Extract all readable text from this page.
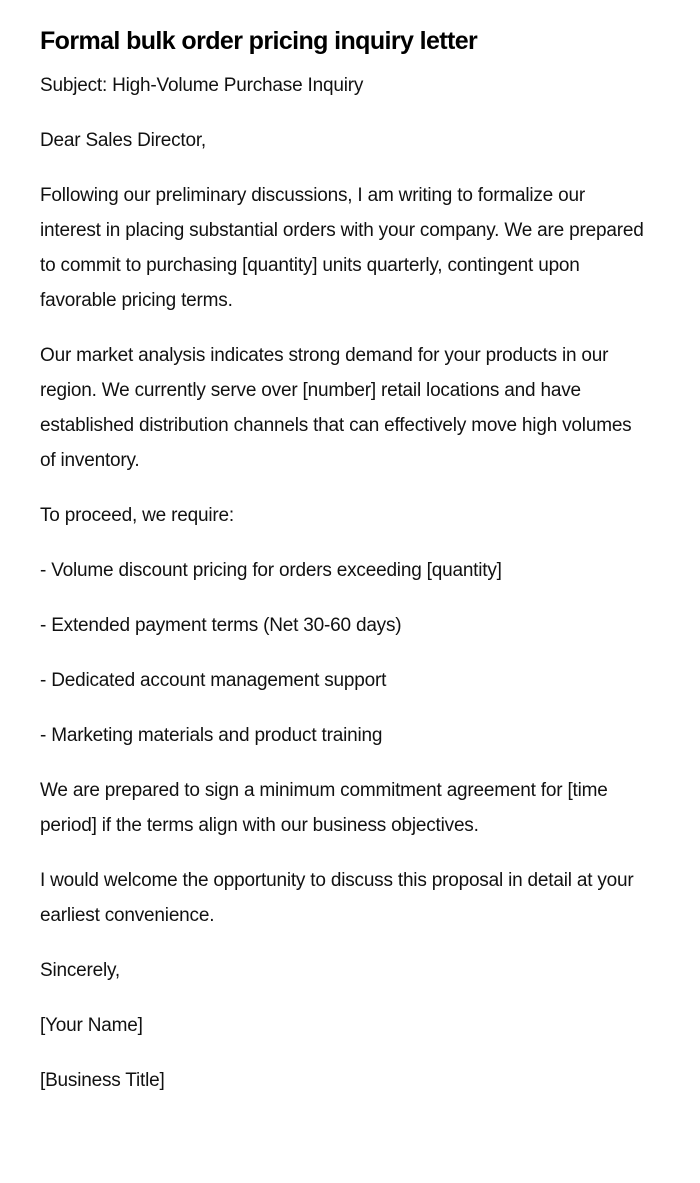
Formal bulk order pricing inquiry letter

Subject: High-Volume Purchase Inquiry

Dear Sales Director,

Following our preliminary discussions, I am writing to formalize our interest in placing substantial orders with your company. We are prepared to commit to purchasing [quantity] units quarterly, contingent upon favorable pricing terms.

Our market analysis indicates strong demand for your products in our region. We currently serve over [number] retail locations and have established distribution channels that can effectively move high volumes of inventory.

To proceed, we require:

- Volume discount pricing for orders exceeding [quantity]

- Extended payment terms (Net 30-60 days)

- Dedicated account management support

- Marketing materials and product training

We are prepared to sign a minimum commitment agreement for [time period] if the terms align with our business objectives.

I would welcome the opportunity to discuss this proposal in detail at your earliest convenience.

Sincerely,

[Your Name]

[Business Title]
